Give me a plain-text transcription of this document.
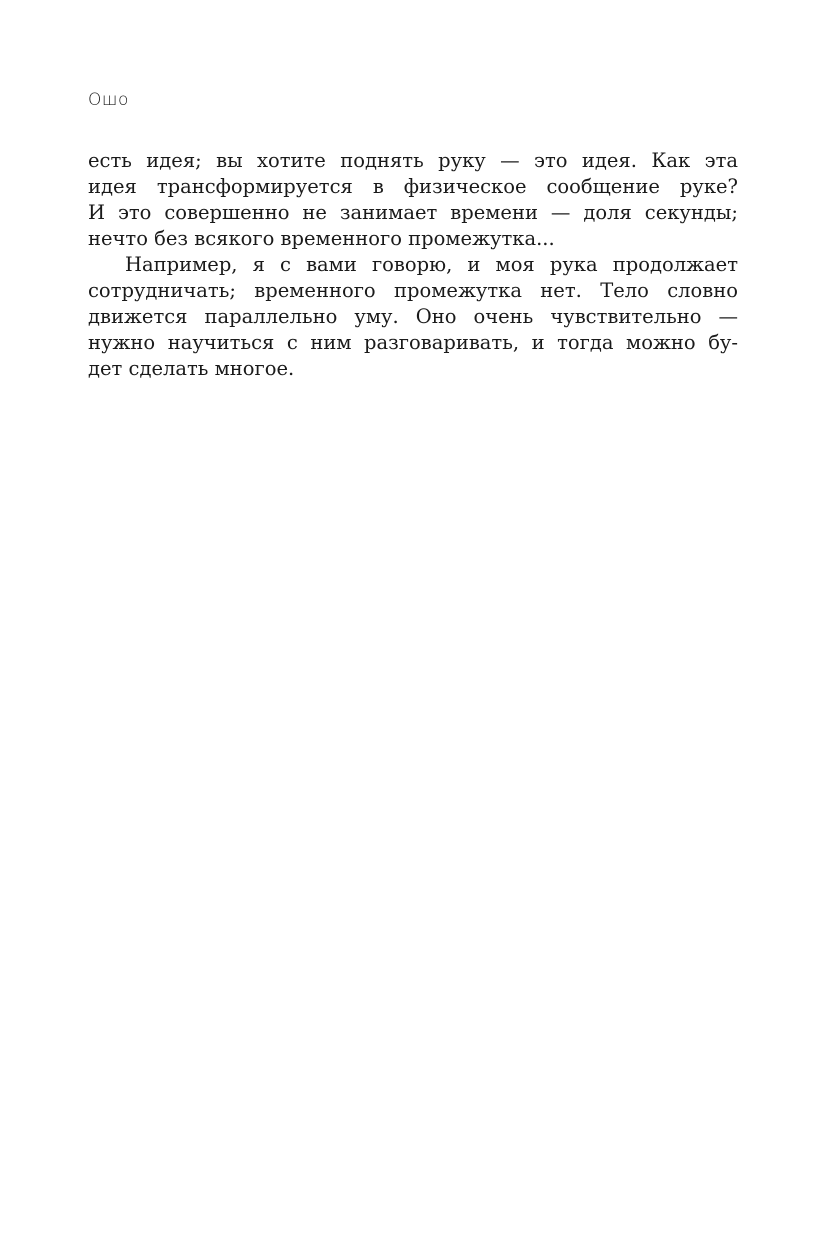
Ошо
есть идея; вы хотите поднять руку — это идея. Как эта
идея трансформируется в физическое сообщение руке?
И это совершенно не занимает времени — доля секунды;
нечто без всякого временного промежутка...
Например, я с вами говорю, и моя рука продолжает
сотрудничать; временного промежутка нет. Тело словно
движется параллельно уму. Оно очень чувствительно —
нужно научиться с ним разговаривать, и тогда можно бу-
дет сделать многое.
